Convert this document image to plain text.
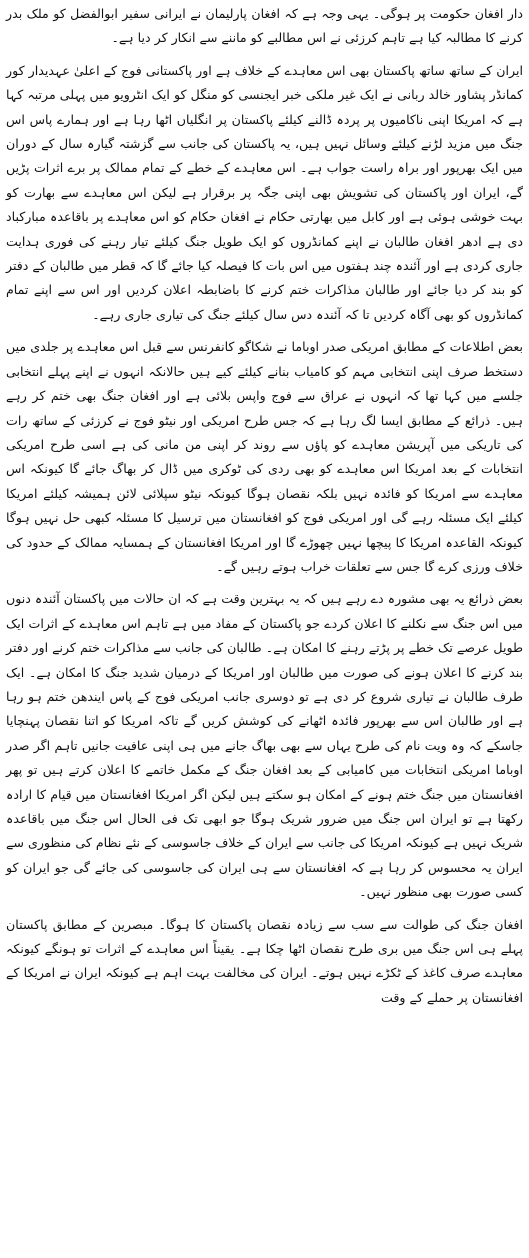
دار افغان حکومت پر ہوگی۔ یہی وجہ ہے کہ افغان پارلیمان نے ایرانی سفیر ابوالفضل کو ملک بدر کرنے کا مطالبہ کیا ہے تاہم کرزئی نے اس مطالبے کو ماننے سے انکار کر دیا ہے۔

ایران کے ساتھ ساتھ پاکستان بھی اس معاہدے کے خلاف ہے اور پاکستانی فوج کے اعلیٰ عہدیدار کور کمانڈر پشاور خالد ربانی نے ایک غیر ملکی خبر ایجنسی کو منگل کو ایک انٹرویو میں پہلی مرتبہ کہا ہے کہ امریکا اپنی ناکامیوں پر پردہ ڈالنے کیلئے پاکستان پر انگلیاں اٹھا رہا ہے اور ہمارے پاس اس جنگ میں مزید لڑنے کیلئے وسائل نہیں ہیں، یہ پاکستان کی جانب سے گزشتہ گیارہ سال کے دوران میں ایک بھرپور اور براہ راست جواب ہے۔ اس معاہدے کے خطے کے تمام ممالک پر برے اثرات پڑیں گے، ایران اور پاکستان کی تشویش بھی اپنی جگہ پر برقرار ہے لیکن اس معاہدے سے بھارت کو بہت خوشی ہوئی ہے اور کابل میں بھارتی حکام نے افغان حکام کو اس معاہدے پر باقاعدہ مبارکباد دی ہے ادھر افغان طالبان نے اپنے کمانڈروں کو ایک طویل جنگ کیلئے تیار رہنے کی فوری ہدایت جاری کردی ہے اور آئندہ چند ہفتوں میں اس بات کا فیصلہ کیا جائے گا کہ قطر میں طالبان کے دفتر کو بند کر دیا جائے اور طالبان مذاکرات ختم کرنے کا باضابطہ اعلان کردیں اور اس سے اپنے تمام کمانڈروں کو بھی آگاہ کردیں تا کہ آئندہ دس سال کیلئے جنگ کی تیاری جاری رہے۔

بعض اطلاعات کے مطابق امریکی صدر اوباما نے شکاگو کانفرنس سے قبل اس معاہدے پر جلدی میں دستخط صرف اپنی انتخابی مہم کو کامیاب بنانے کیلئے کیے ہیں حالانکہ انہوں نے اپنے پہلے انتخابی جلسے میں کہا تھا کہ انہوں نے عراق سے فوج واپس بلائی ہے اور افغان جنگ بھی ختم کر رہے ہیں۔ ذرائع کے مطابق ایسا لگ رہا ہے کہ جس طرح امریکی اور نیٹو فوج نے کرزئی کے ساتھ رات کی تاریکی میں آپریشن معاہدے کو پاؤں سے روند کر اپنی من مانی کی ہے اسی طرح امریکی انتخابات کے بعد امریکا اس معاہدے کو بھی ردی کی ٹوکری میں ڈال کر بھاگ جائے گا کیونکہ اس معاہدے سے امریکا کو فائدہ نہیں بلکہ نقصان ہوگا کیونکہ نیٹو سپلائی لائن ہمیشہ کیلئے امریکا کیلئے ایک مسئلہ رہے گی اور امریکی فوج کو افغانستان میں ترسیل کا مسئلہ کبھی حل نہیں ہوگا کیونکہ القاعدہ امریکا کا پیچھا نہیں چھوڑے گا اور امریکا افغانستان کے ہمسایہ ممالک کے حدود کی خلاف ورزی کرے گا جس سے تعلقات خراب ہوتے رہیں گے۔

بعض ذرائع یہ بھی مشورہ دے رہے ہیں کہ یہ بہترین وقت ہے کہ ان حالات میں پاکستان آئندہ دنوں میں اس جنگ سے نکلنے کا اعلان کردے جو پاکستان کے مفاد میں ہے تاہم اس معاہدے کے اثرات ایک طویل عرصے تک خطے پر پڑتے رہنے کا امکان ہے۔ طالبان کی جانب سے مذاکرات ختم کرنے اور دفتر بند کرنے کا اعلان ہونے کی صورت میں طالبان اور امریکا کے درمیان شدید جنگ کا امکان ہے۔ ایک طرف طالبان نے تیاری شروع کر دی ہے تو دوسری جانب امریکی فوج کے پاس ایندھن ختم ہو رہا ہے اور طالبان اس سے بھرپور فائدہ اٹھانے کی کوشش کریں گے تاکہ امریکا کو اتنا نقصان پہنچایا جاسکے کہ وہ ویت نام کی طرح یہاں سے بھی بھاگ جانے میں ہی اپنی عافیت جانیں تاہم اگر صدر اوباما امریکی انتخابات میں کامیابی کے بعد افغان جنگ کے مکمل خاتمے کا اعلان کرتے ہیں تو پھر افغانستان میں جنگ ختم ہونے کے امکان ہو سکتے ہیں لیکن اگر امریکا افغانستان میں قیام کا ارادہ رکھتا ہے تو ایران اس جنگ میں ضرور شریک ہوگا جو ابھی تک فی الحال اس جنگ میں باقاعدہ شریک نہیں ہے کیونکہ امریکا کی جانب سے ایران کے خلاف جاسوسی کے نئے نظام کی منظوری سے ایران یہ محسوس کر رہا ہے کہ افغانستان سے ہی ایران کی جاسوسی کی جائے گی جو ایران کو کسی صورت بھی منظور نہیں۔

افغان جنگ کی طوالت سے سب سے زیادہ نقصان پاکستان کا ہوگا۔ مبصرین کے مطابق پاکستان پہلے ہی اس جنگ میں بری طرح نقصان اٹھا چکا ہے۔ یقیناً اس معاہدے کے اثرات تو ہونگے کیونکہ معاہدے صرف کاغذ کے ٹکڑے نہیں ہوتے۔ ایران کی مخالفت بہت اہم ہے کیونکہ ایران نے امریکا کے افغانستان پر حملے کے وقت
